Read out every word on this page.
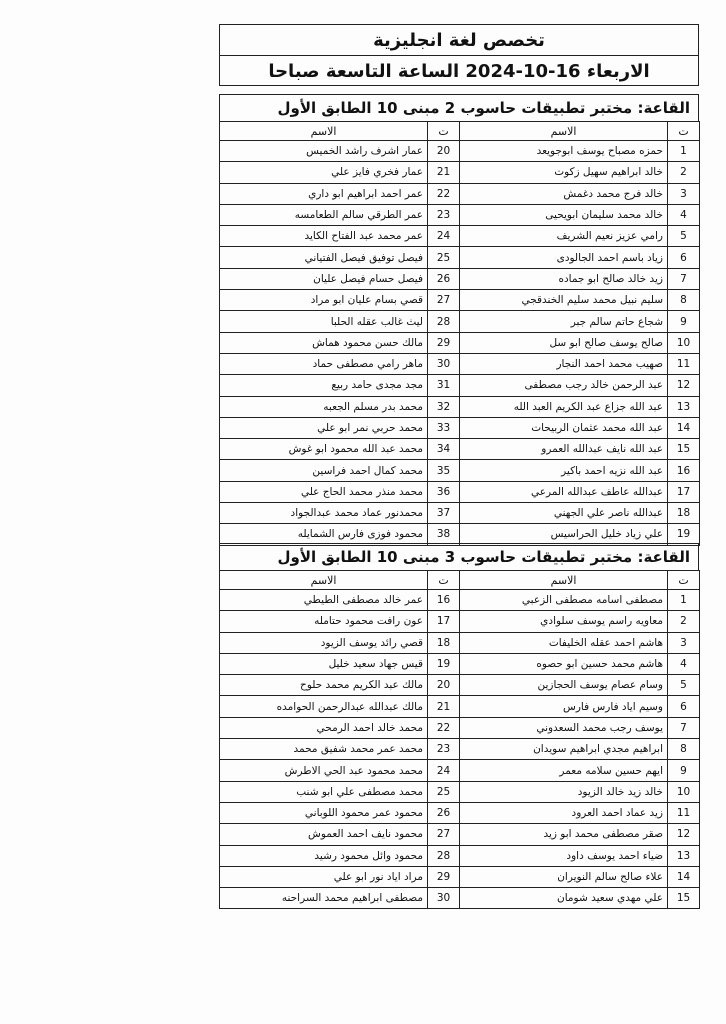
تخصص لغة انجليزية
الاربعاء 16-10-2024 الساعة التاسعة صباحا
القاعة: مختبر تطبيقات حاسوب 2 مبنى 10 الطابق الأول
ت	الاسم	ت	الاسم
1	حمزه مصباح يوسف ابوجويعد	20	عمار اشرف راشد الخميس
2	خالد ابراهيم سهيل زكوت	21	عمار فخري فايز علي
3	خالد فرج محمد دغمش	22	عمر احمد ابراهيم ابو داري
4	خالد محمد سليمان ابويحيى	23	عمر الطرقي سالم الطعامسه
5	رامي عزيز نعيم الشريف	24	عمر محمد عبد الفتاح الكايد
6	زياد باسم احمد الجالودى	25	فيصل توفيق فيصل الفتياني
7	زيد خالد صالح ابو جماده	26	فيصل حسام فيصل عليان
8	سليم نبيل محمد سليم الخندقجي	27	قصي بسام عليان ابو مراد
9	شجاع حاتم سالم جبر	28	ليث غالب عقله الحلبا
10	صالح يوسف صالح ابو سل	29	مالك حسن محمود هماش
11	صهيب محمد احمد النجار	30	ماهر رامي مصطفى حماد
12	عبد الرحمن خالد رجب مصطفى	31	مجد مجدى حامد ربيع
13	عبد الله جزاع عبد الكريم العبد الله	32	محمد بدر مسلم الجعبه
14	عبد الله محمد عثمان الربيحات	33	محمد حربي نمر ابو علي
15	عبد الله نايف عبدالله العمرو	34	محمد عبد الله محمود ابو غوش
16	عبد الله نزيه احمد باكير	35	محمد كمال احمد فراسين
17	عبدالله عاطف عبدالله المرعي	36	محمد منذر محمد الحاج علي
18	عبدالله ناصر علي الجهني	37	محمدنور عماد محمد عبدالجواد
19	علي زياد خليل الحراسيس	38	محمود فوزى فارس الشمايله
القاعة: مختبر تطبيقات حاسوب 3 مبنى 10 الطابق الأول
ت	الاسم	ت	الاسم
1	مصطفى اسامه مصطفى الزعبي	16	عمر خالد مصطفى الطيطي
2	معاويه راسم يوسف سلوادي	17	عون رافت محمود حتامله
3	هاشم احمد عقله الخليفات	18	قصي رائد يوسف الزيود
4	هاشم محمد حسين ابو حصوه	19	قيس جهاد سعيد خليل
5	وسام عصام يوسف الحجازين	20	مالك عبد الكريم محمد حلوح
6	وسيم اياد فارس فارس	21	مالك عبدالله عبدالرحمن الحوامده
7	يوسف رجب محمد السعدوني	22	محمد خالد احمد الرمحي
8	ابراهيم مجدي ابراهيم سويدان	23	محمد عمر محمد شفيق محمد
9	ايهم حسين سلامه معمر	24	محمد محمود عبد الحي الاطرش
10	خالد زيد خالد الزيود	25	محمد مصطفى علي ابو شنب
11	زيد عماد احمد العرود	26	محمود عمر محمود اللوباني
12	صقر مصطفى محمد ابو زيد	27	محمود نايف احمد العموش
13	ضياء احمد يوسف داود	28	محمود وائل محمود رشيد
14	علاء صالح سالم النويران	29	مراد اياد نور ابو علي
15	علي مهدي سعيد شومان	30	مصطفى ابراهيم محمد السراحنه
